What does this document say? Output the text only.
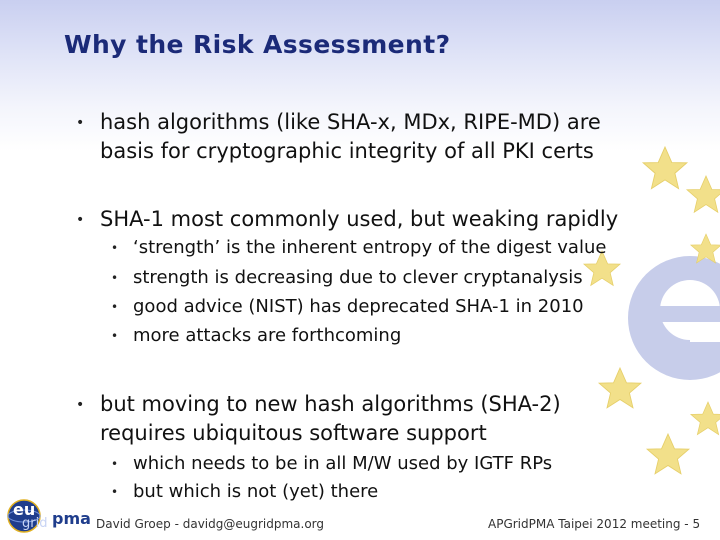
Why the Risk Assessment?

• hash algorithms (like SHA-x, MDx, RIPE-MD) are
basis for cryptographic integrity of all PKI certs

• SHA-1 most commonly used, but weaking rapidly

• ‘strength’ is the inherent entropy of the digest value

• strength is decreasing due to clever cryptanalysis

• good advice (NIST) has deprecated SHA-1 in 2010

• more attacks are forthcoming

• but moving to new hash algorithms (SHA-2)
requires ubiquitous software support

• which needs to be in all M/W used by IGTF RPs

• but which is not (yet) there

eu
grid pma David Groep - davidg@eugridpma.org	APGridPMA Taipei 2012 meeting - 5
